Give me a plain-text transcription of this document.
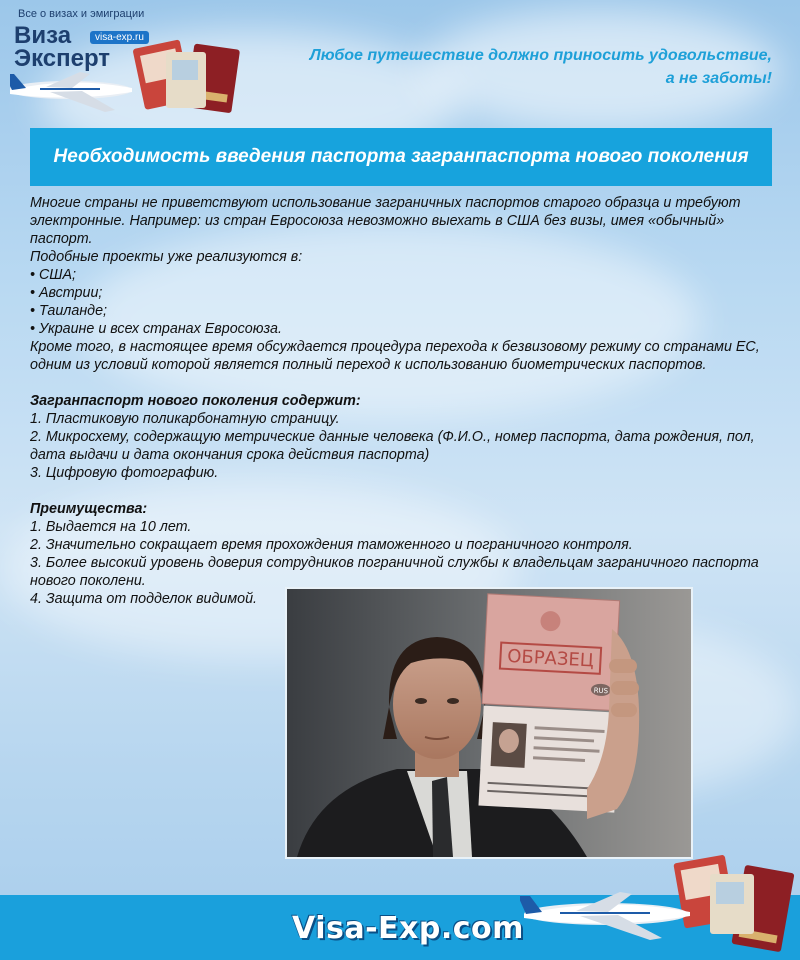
Все о визах и эмиграции
Виза	visa-exp.ru
Эксперт	Любое путешествие должно приносить удовольствие,
а не заботы!
Необходимость введения паспорта загранпаспорта нового поколения

Многие страны не приветствуют использование заграничных паспортов старого образца и требуют электронные. Например: из стран Евросоюза невозможно выехать в США без визы, имея «обычный» паспорт.

Подобные проекты уже реализуются в:

• США;

• Австрии;

• Таиланде;

• Украине и всех странах Евросоюза.

Кроме того, в настоящее время обсуждается процедура перехода к безвизовому режиму со странами ЕС, одним из условий которой является полный переход к использованию биометрических паспортов.

Загранпаспорт нового поколения содержит:

1. Пластиковую поликарбонатную страницу.

2. Микросхему, содержащую метрические данные человека (Ф.И.О., номер паспорта, дата рождения, пол, дата выдачи и дата окончания срока действия паспорта)

3. Цифровую фотографию.

Преимущества:

1. Выдается на 10 лет.

2. Значительно сокращает время прохождения таможенного и пограничного контроля.

3. Более высокий уровень доверия сотрудников пограничной службы к владельцам заграничного паспорта нового поколени.

4. Защита от подделок видимой.

ОБРАЗЕЦ
RUS
Visa-Exp.com
